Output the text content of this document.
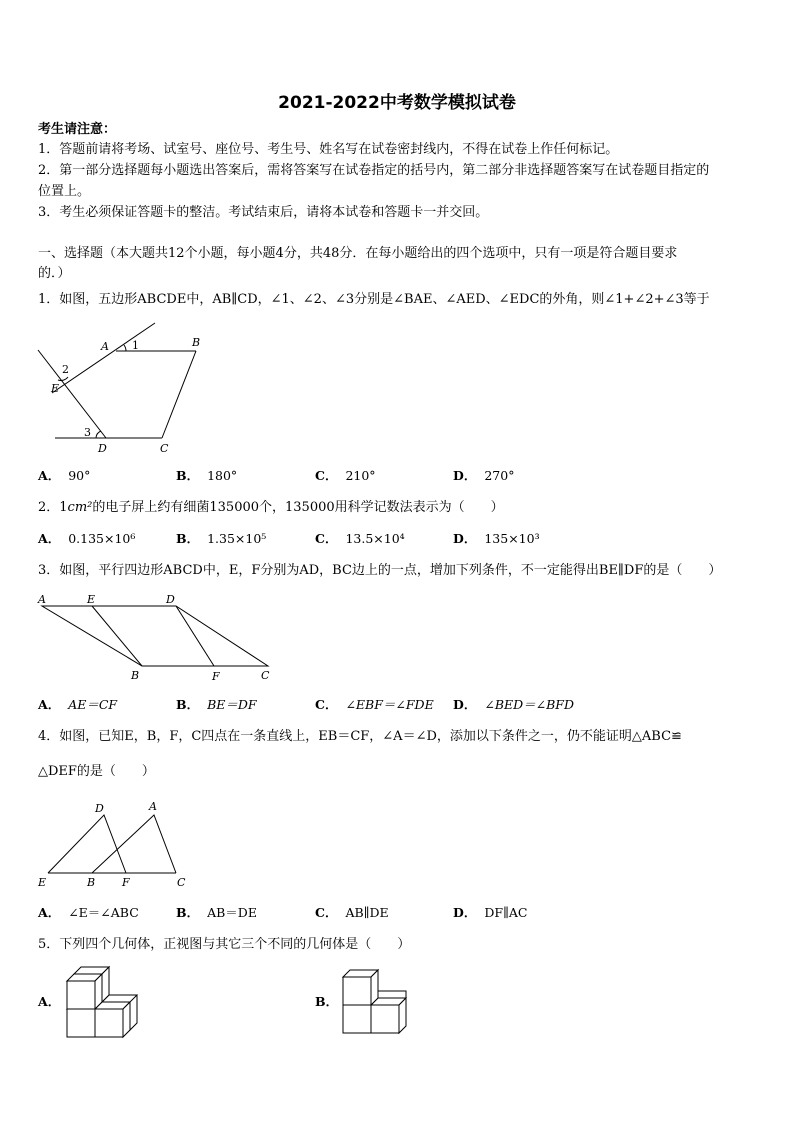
2021-2022中考数学模拟试卷
考生请注意：
1．答题前请将考场、试室号、座位号、考生号、姓名写在试卷密封线内，不得在试卷上作任何标记。
2．第一部分选择题每小题选出答案后，需将答案写在试卷指定的括号内，第二部分非选择题答案写在试卷题目指定的
位置上。
3．考生必须保证答题卡的整洁。考试结束后，请将本试卷和答题卡一并交回。
一、选择题（本大题共12个小题，每小题4分，共48分．在每小题给出的四个选项中，只有一项是符合题目要求
的．）
1．如图，五边形ABCDE中，AB∥CD，∠1、∠2、∠3分别是∠BAE、∠AED、∠EDC的外角，则∠1+∠2+∠3等于
A	B
C
D
E
1
2
3
A． 90°	B． 180°	C． 210°	D． 270°
2．1cm²的电子屏上约有细菌135000个，135000用科学记数法表示为（　　）
A． 0.135×10⁶	B． 1.35×10⁵	C． 13.5×10⁴	D． 135×10³
3．如图，平行四边形ABCD中，E，F分别为AD，BC边上的一点，增加下列条件，不一定能得出BE∥DF的是（　　）
A	E	D
B	F	C
A． AE＝CF	B． BE＝DF	C． ∠EBF＝∠FDE D． ∠BED＝∠BFD
4．如图，已知E，B，F，C四点在一条直线上，EB＝CF，∠A＝∠D，添加以下条件之一，仍不能证明△ABC≌
△DEF的是（　　）
D	A
E	B F	C
A． ∠E＝∠ABC	B． AB＝DE	C． AB∥DE	D． DF∥AC
5．下列四个几何体，正视图与其它三个不同的几何体是（　　）
A．	B．
